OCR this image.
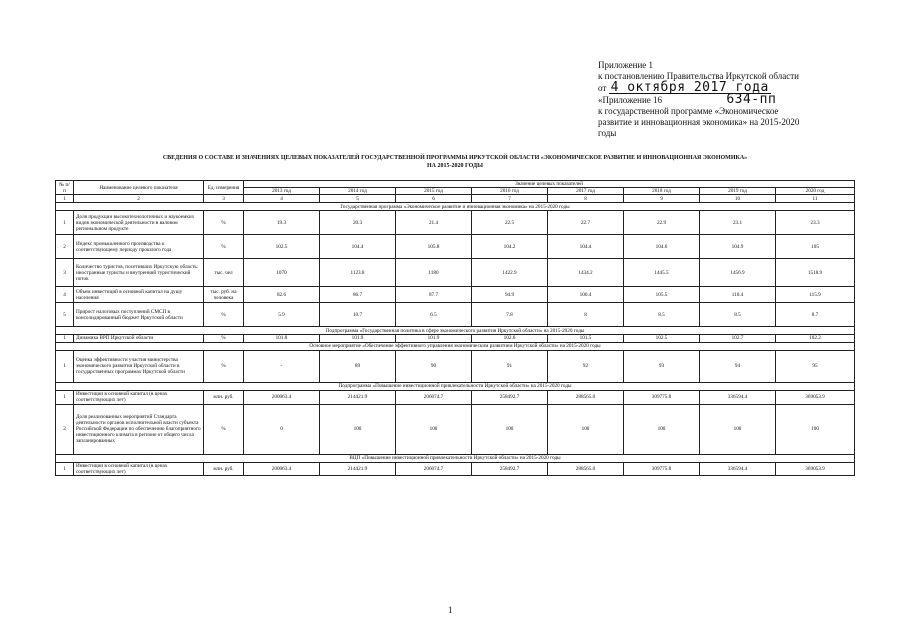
Приложение 1
к постановлению Правительства Иркутской области
от 4 октября 2017 года
«Приложение 16	634-пп
к государственной программе «Экономическое
развитие и инновационная экономика» на 2015-2020
годы
СВЕДЕНИЯ О СОСТАВЕ И ЗНАЧЕНИЯХ ЦЕЛЕВЫХ ПОКАЗАТЕЛЕЙ ГОСУДАРСТВЕННОЙ ПРОГРАММЫ ИРКУТСКОЙ ОБЛАСТИ «ЭКОНОМИЧЕСКОЕ РАЗВИТИЕ И ИННОВАЦИОННАЯ ЭКОНОМИКА»
НА 2015-2020 ГОДЫ
№ п/п	Наименование целевого показателя	Ед. измерения	Значение целевых показателей							
			2013 год	2014 год	2015 год	2016 год	2017 год	2018 год	2019 год	2020 год
1	2	3	4	5	6	7	8	9	10	11
Государственная программа «Экономическое развитие и инновационная экономика» на 2015-2020 годы										
1	Доля продукции высокотехнологичных и наукоемких видов экономической деятельности в валовом региональном продукте	%	19.3	20.3	21.4	22.5	22.7	22.9	23.1	23.3
2	Индекс промышленного производства к соответствующему периоду прошлого года	%	102.5	104.4	105.8	104.2	104.4	104.6	104.9	105
3	Количество туристов, посетивших Иркутскую область: иностранные туристы и внутренний туристический поток	тыс. чел	1070	1123.8	1180	1422.9	1434.2	1445.5	1456.9	1518.9
4	Объем инвестиций в основной капитал на душу населения	тыс. руб. на человека	82.6	86.7	87.7	94.9	100.4	105.5	110.4	115.9
5	Прирост налоговых поступлений СМСП в консолидированный бюджет Иркутской области	%	5.9	10.7	6.5	7.8	8	8.5	8.5	8.7
Подпрограмма «Государственная политика в сфере экономического развития Иркутской области» на 2015-2020 годы										
1	Динамика ВРП Иркутской области	%	101.8	101.9	101.9	102.6	101.5	102.5	102.7	102.2
Основное мероприятие «Обеспечение эффективного управления экономическим развитием Иркутской области» на 2015-2020 годы										
1	Оценка эффективности участия министерства экономического развития Иркутской области в государственных программах Иркутской области	%	-	89	90	91	92	93	94	95
Подпрограмма «Повышение инвестиционной привлекательности Иркутской области» на 2015-2020 годы										
1	Инвестиции в основной капитал (в ценах соответствующих лет)	млн. руб.	200063.4	214421.9	206074.7	258492.7	288565.0	309775.8	336594.4	369053.9
2	Доля реализованных мероприятий Стандарта деятельности органов исполнительной власти субъекта Российской Федерации по обеспечению благоприятного инвестиционного климата в регионе от общего числа запланированных	%	0	100	100	100	100	100	100	100
ВЦП «Повышение инвестиционной привлекательности Иркутской области» на 2015-2020 годы										
1	Инвестиции в основной капитал (в ценах соответствующих лет)	млн. руб.	200063.4	214421.9	206074.7	258492.7	288565.0	309775.8	336594.4	369053.9
1
